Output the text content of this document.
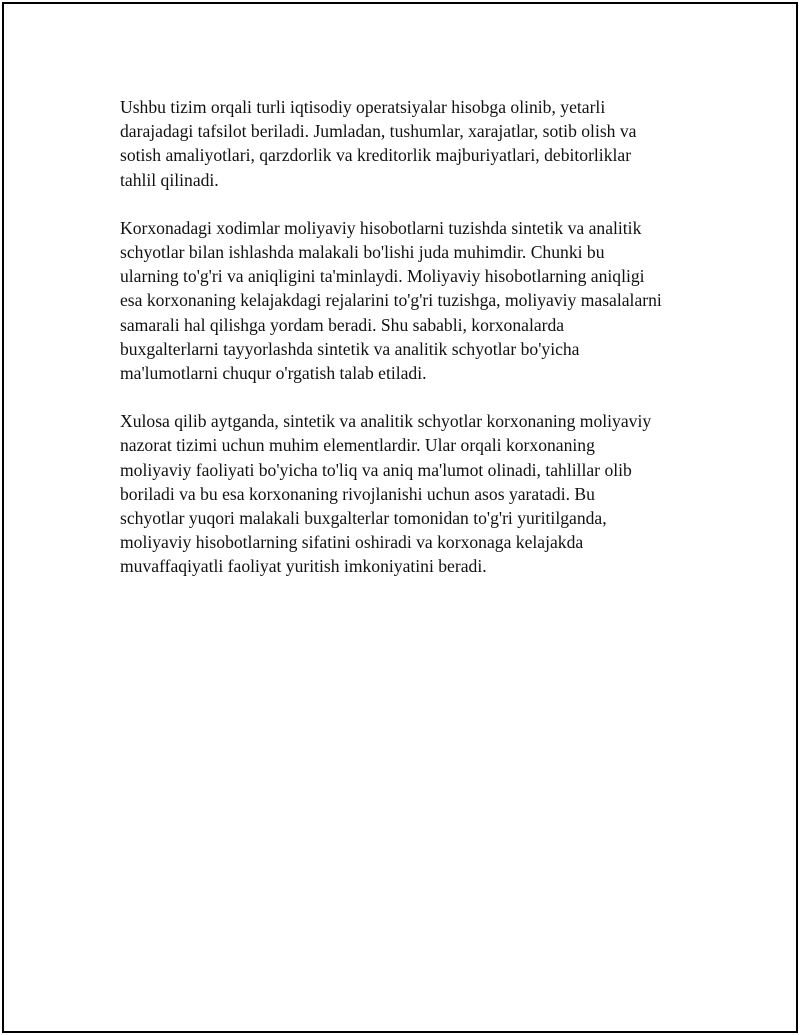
Ushbu tizim orqali turli iqtisodiy operatsiyalar hisobga olinib, yetarli
darajadagi tafsilot beriladi. Jumladan, tushumlar, xarajatlar, sotib olish va
sotish amaliyotlari, qarzdorlik va kreditorlik majburiyatlari, debitorliklar
tahlil qilinadi.

Korxonadagi xodimlar moliyaviy hisobotlarni tuzishda sintetik va analitik
schyotlar bilan ishlashda malakali bo'lishi juda muhimdir. Chunki bu
ularning to'g'ri va aniqligini ta'minlaydi. Moliyaviy hisobotlarning aniqligi
esa korxonaning kelajakdagi rejalarini to'g'ri tuzishga, moliyaviy masalalarni
samarali hal qilishga yordam beradi. Shu sababli, korxonalarda
buxgalterlarni tayyorlashda sintetik va analitik schyotlar bo'yicha
ma'lumotlarni chuqur o'rgatish talab etiladi.

Xulosa qilib aytganda, sintetik va analitik schyotlar korxonaning moliyaviy
nazorat tizimi uchun muhim elementlardir. Ular orqali korxonaning
moliyaviy faoliyati bo'yicha to'liq va aniq ma'lumot olinadi, tahlillar olib
boriladi va bu esa korxonaning rivojlanishi uchun asos yaratadi. Bu
schyotlar yuqori malakali buxgalterlar tomonidan to'g'ri yuritilganda,
moliyaviy hisobotlarning sifatini oshiradi va korxonaga kelajakda
muvaffaqiyatli faoliyat yuritish imkoniyatini beradi.
